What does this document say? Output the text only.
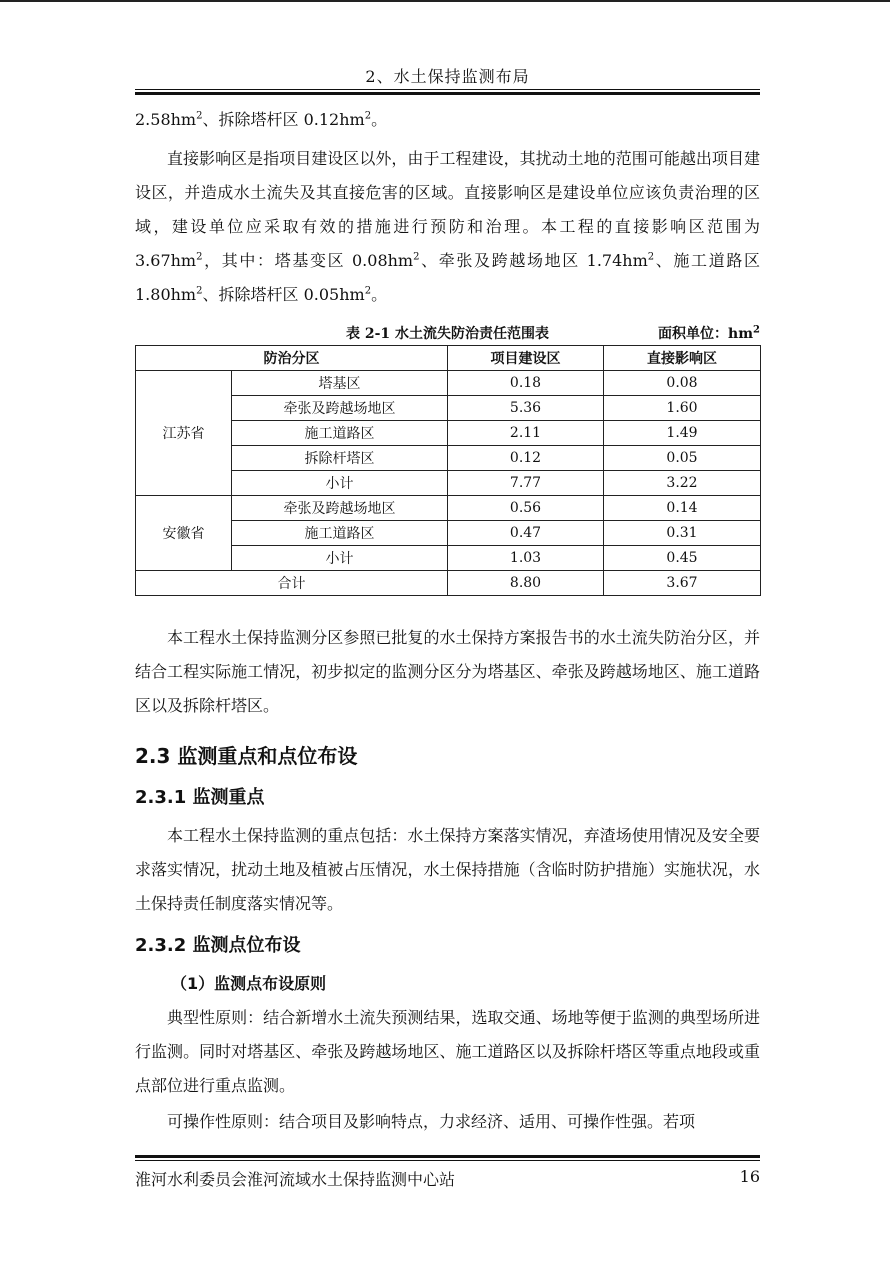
2、水土保持监测布局

$2.58hm^2$、拆除塔杆区 $0.12hm^2$。

直接影响区是指项目建设区以外，由于工程建设，其扰动土地的范围可能越出项目建设区，并造成水土流失及其直接危害的区域。直接影响区是建设单位应该负责治理的区域，建设单位应采取有效的措施进行预防和治理。本工程的直接影响区范围为 $3.67hm^2$，其中：塔基变区 $0.08hm^2$、牵张及跨越场地区 $1.74hm^2$、施工道路区 $1.80hm^2$、拆除塔杆区 $0.05hm^2$。

表 2-1 水土流失防治责任范围表	面积单位：$hm^2$
防治分区		项目建设区	直接影响区
江苏省	塔基区	0.18	0.08
	牵张及跨越场地区	5.36	1.60
	施工道路区	2.11	1.49
	拆除杆塔区	0.12	0.05
	小计	7.77	3.22
安徽省	牵张及跨越场地区	0.56	0.14
	施工道路区	0.47	0.31
	小计	1.03	0.45
合计		8.80	3.67

本工程水土保持监测分区参照已批复的水土保持方案报告书的水土流失防治分区，并结合工程实际施工情况，初步拟定的监测分区分为塔基区、牵张及跨越场地区、施工道路区以及拆除杆塔区。

2.3 监测重点和点位布设
2.3.1 监测重点

本工程水土保持监测的重点包括：水土保持方案落实情况，弃渣场使用情况及安全要求落实情况，扰动土地及植被占压情况，水土保持措施（含临时防护措施）实施状况，水土保持责任制度落实情况等。

2.3.2 监测点位布设
（1）监测点布设原则

典型性原则：结合新增水土流失预测结果，选取交通、场地等便于监测的典型场所进行监测。同时对塔基区、牵张及跨越场地区、施工道路区以及拆除杆塔区等重点地段或重点部位进行重点监测。

可操作性原则：结合项目及影响特点，力求经济、适用、可操作性强。若项

淮河水利委员会淮河流域水土保持监测中心站	16
